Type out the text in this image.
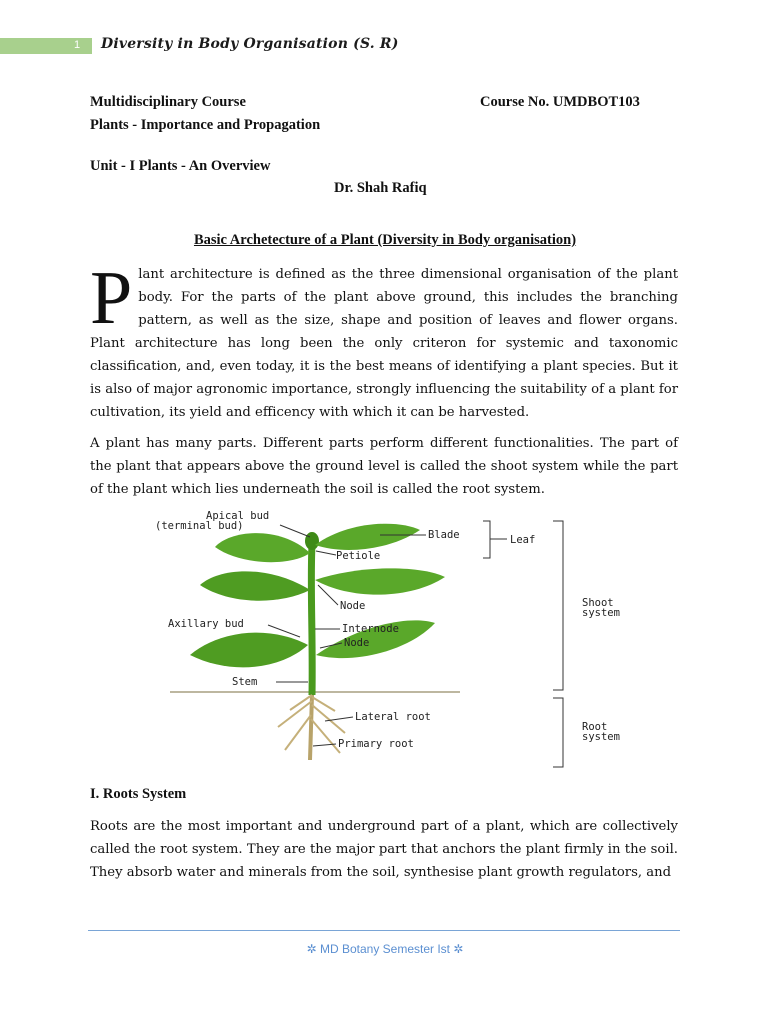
1 Diversity in Body Organisation (S. R)
Multidisciplinary Course	Course No. UMDBOT103
Plants - Importance and Propagation
Unit - I Plants - An Overview
Dr. Shah Rafiq
Basic Archetecture of a Plant (Diversity in Body organisation)
Plant architecture is defined as the three dimensional organisation of the plant body. For the parts of the plant above ground, this includes the branching pattern, as well as the size, shape and position of leaves and flower organs. Plant architecture has long been the only criteron for systemic and taxonomic classification, and, even today, it is the best means of identifying a plant species. But it is also of major agronomic importance, strongly influencing the suitability of a plant for cultivation, its yield and efficency with which it can be harvested.
A plant has many parts. Different parts perform different functionalities. The part of the plant that appears above the ground level is called the shoot system while the part of the plant which lies underneath the soil is called the root system.
Apical bud
(terminal bud)
Blade	Leaf
Petiole
Node
Axillary bud	Internode
Node
Shoot
system
Stem
Lateral root
Primary root
Root
system
I. Roots System
Roots are the most important and underground part of a plant, which are collectively called the root system. They are the major part that anchors the plant firmly in the soil. They absorb water and minerals from the soil, synthesise plant growth regulators, and
✲ MD Botany Semester Ist ✲
